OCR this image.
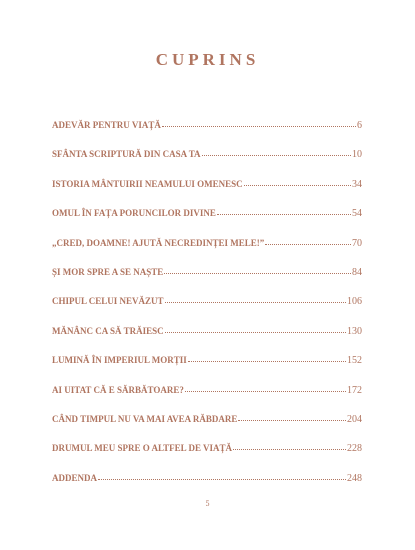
CUPRINS
ADEVĂR PENTRU VIAȚĂ	6
SFÂNTA SCRIPTURĂ DIN CASA TA	10
ISTORIA MÂNTUIRII NEAMULUI OMENESC	34
OMUL ÎN FAȚA PORUNCILOR DIVINE	54
„CRED, DOAMNE! AJUTĂ NECREDINȚEI MELE!”	70
ȘI MOR SPRE A SE NAȘTE	84
CHIPUL CELUI NEVĂZUT	106
MĂNÂNC CA SĂ TRĂIESC	130
LUMINĂ ÎN IMPERIUL MORȚII	152
AI UITAT CĂ E SĂRBĂTOARE?	172
CÂND TIMPUL NU VA MAI AVEA RĂBDARE	204
DRUMUL MEU SPRE O ALTFEL DE VIAȚĂ	228
ADDENDA	248
5
